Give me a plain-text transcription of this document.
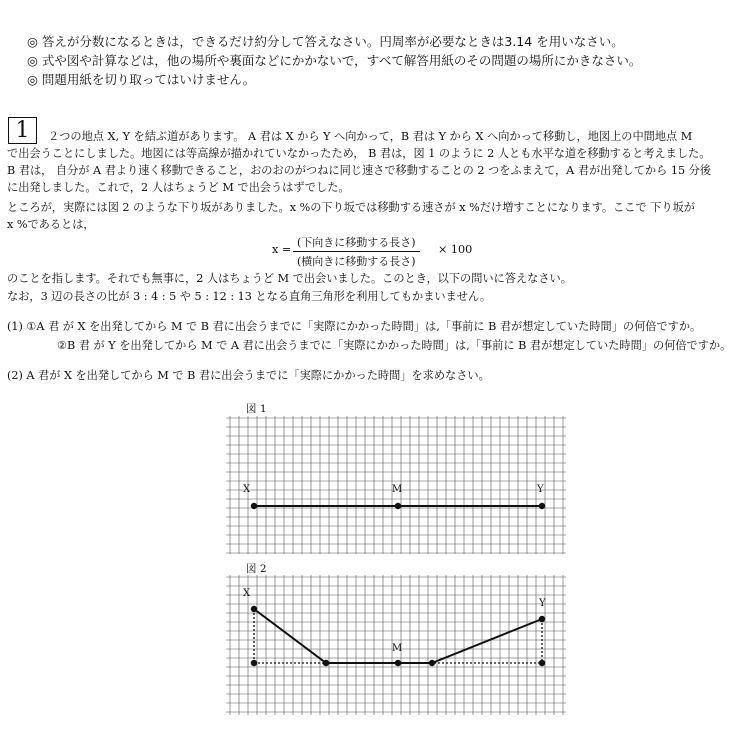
◎ 答えが分数になるときは，できるだけ約分して答えなさい。円周率が必要なときは3.14 を用いなさい。
◎ 式や図や計算などは，他の場所や裏面などにかかないで，すべて解答用紙のその問題の場所にかきなさい。
◎ 問題用紙を切り取ってはいけません。
1	２つの地点 X, Y を結ぶ道があります。 A 君は X から Y へ向かって，B 君は Y から X へ向かって移動し，地図上の中間地点 M
で出会うことにしました。地図には等高線が描かれていなかったため， B 君は，図 1 のように 2 人とも水平な道を移動すると考えました。
B 君は， 自分が A 君より速く移動できること，おのおのがつねに同じ速さで移動することの 2 つをふまえて，A 君が出発してから 15 分後
に出発しました。これで，2 人はちょうど M で出会うはずでした。
ところが，実際には図 2 のような下り坂がありました。x %の下り坂では移動する速さが x %だけ増すことになります。ここで 下り坂が
x %であるとは，
x =
(下向きに移動する長さ)
(横向きに移動する長さ)
× 100
のことを指します。それでも無事に，2 人はちょうど M で出会いました。このとき，以下の問いに答えなさい。
なお，3 辺の長さの比が 3 : 4 : 5 や 5 : 12 : 13 となる直角三角形を利用してもかまいません。
(1) ①A 君 が X を出発してから M で B 君に出会うまでに「実際にかかった時間」は,「事前に B 君が想定していた時間」の何倍ですか。
②B 君 が Y を出発してから M で A 君に出会うまでに「実際にかかった時間」は,「事前に B 君が想定していた時間」の何倍ですか。
(2) A 君が X を出発してから M で B 君に出会うまでに「実際にかかった時間」を求めなさい。
図 1
X	M	Y
図 2
X
M
Y
